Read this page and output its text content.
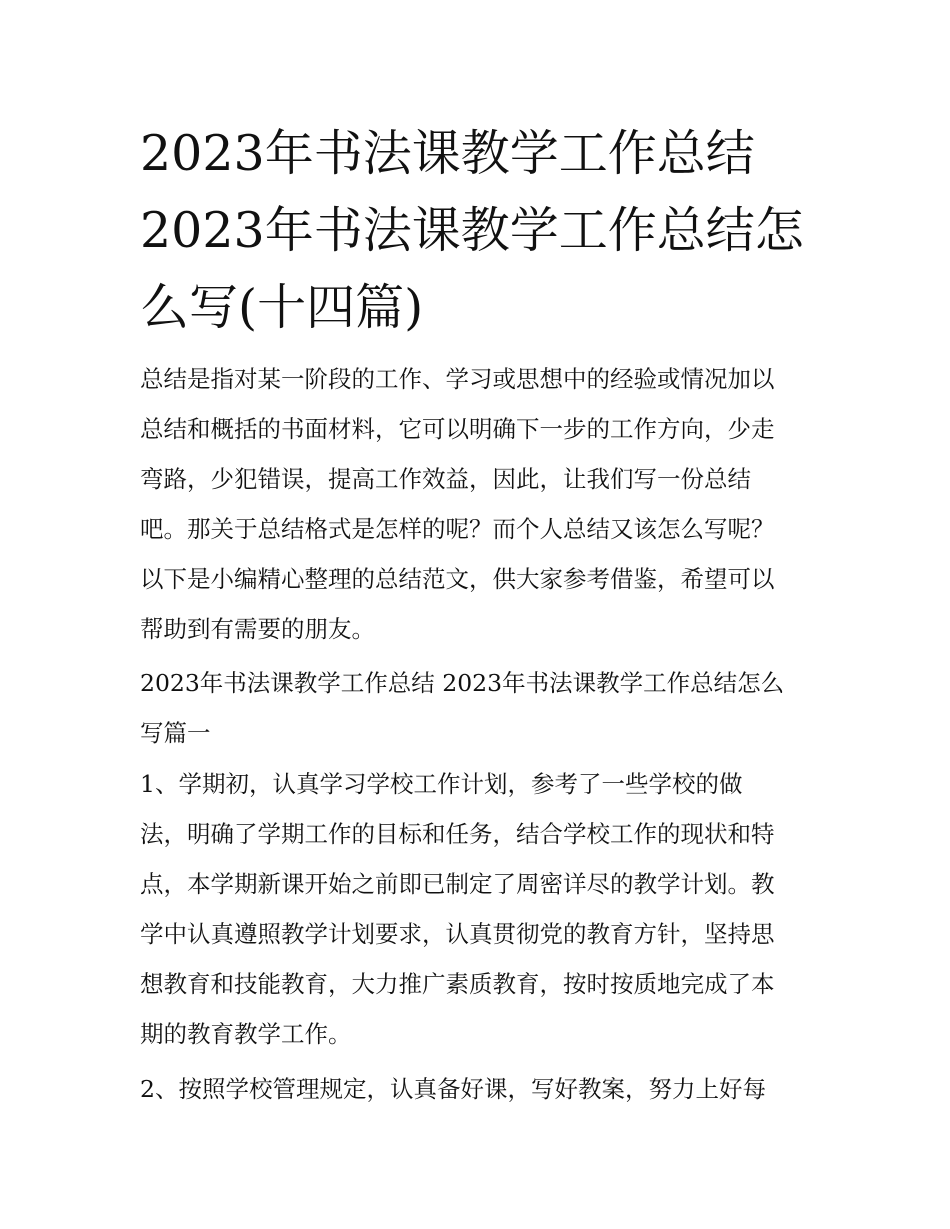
2023年书法课教学工作总结
2023年书法课教学工作总结怎
么写(十四篇)
总结是指对某一阶段的工作、学习或思想中的经验或情况加以
总结和概括的书面材料，它可以明确下一步的工作方向，少走
弯路，少犯错误，提高工作效益，因此，让我们写一份总结
吧。那关于总结格式是怎样的呢？而个人总结又该怎么写呢？
以下是小编精心整理的总结范文，供大家参考借鉴，希望可以
帮助到有需要的朋友。
2023年书法课教学工作总结 2023年书法课教学工作总结怎么
写篇一
1、学期初，认真学习学校工作计划，参考了一些学校的做
法，明确了学期工作的目标和任务，结合学校工作的现状和特
点，本学期新课开始之前即已制定了周密详尽的教学计划。教
学中认真遵照教学计划要求，认真贯彻党的教育方针，坚持思
想教育和技能教育，大力推广素质教育，按时按质地完成了本
期的教育教学工作。
2、按照学校管理规定，认真备好课，写好教案，努力上好每
